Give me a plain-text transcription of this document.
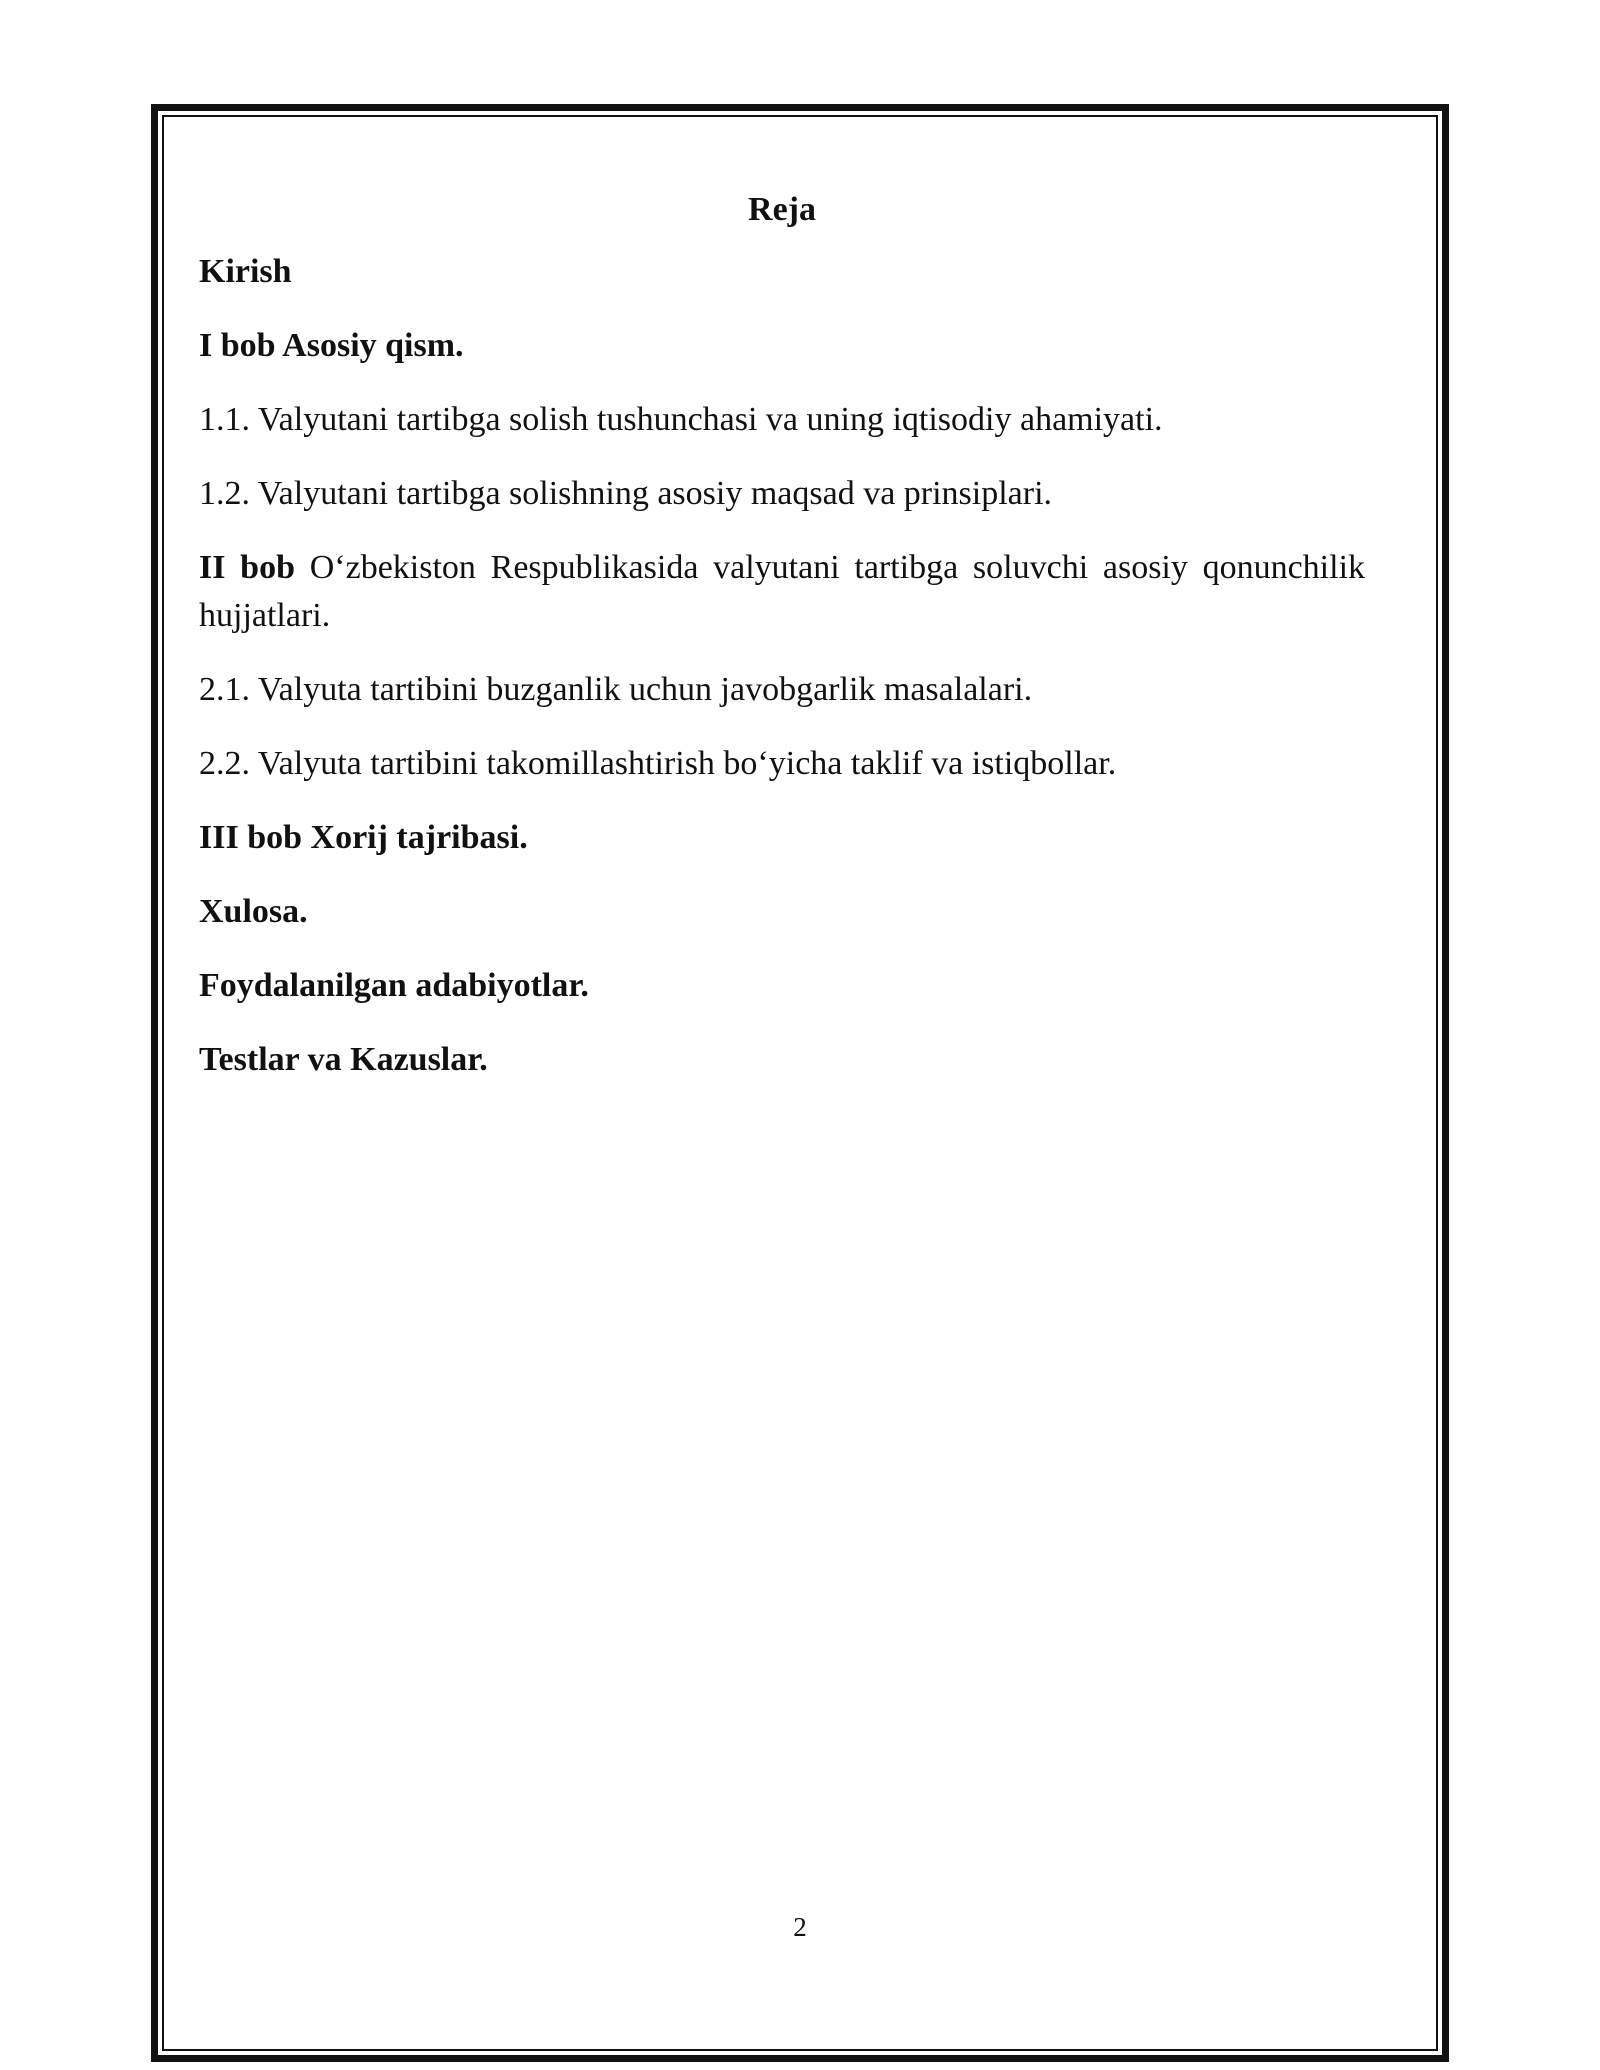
Reja
Kirish
I bob Asosiy qism.
1.1. Valyutani tartibga solish tushunchasi va uning iqtisodiy ahamiyati.
1.2. Valyutani tartibga solishning asosiy maqsad va prinsiplari.
II bob O‘zbekiston Respublikasida valyutani tartibga soluvchi asosiy qonunchilik hujjatlari.
2.1. Valyuta tartibini buzganlik uchun javobgarlik masalalari.
2.2. Valyuta tartibini takomillashtirish bo‘yicha taklif va istiqbollar.
III bob Xorij tajribasi.
Xulosa.
Foydalanilgan adabiyotlar.
Testlar va Kazuslar.
2
